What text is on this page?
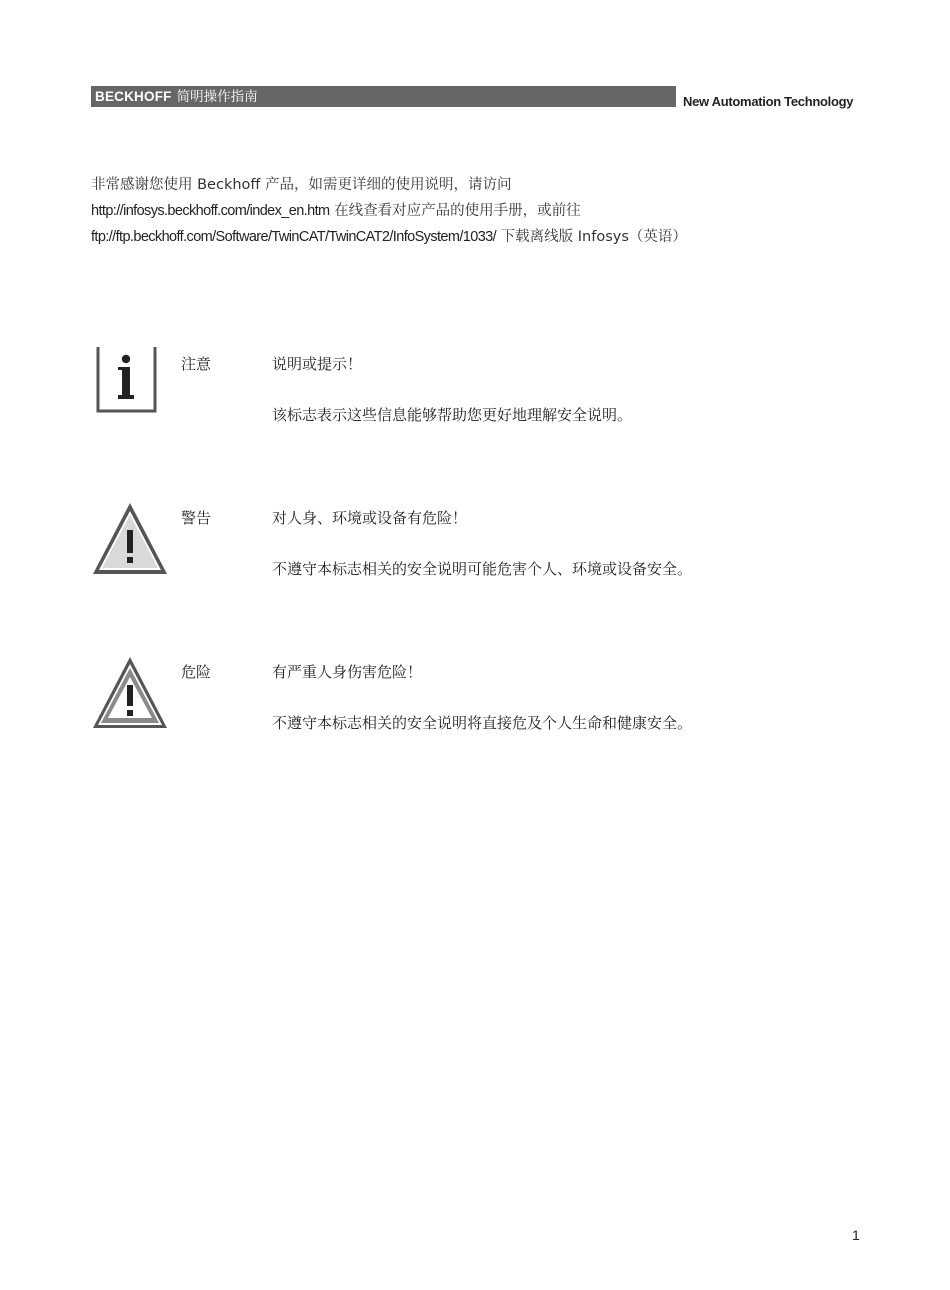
BECKHOFF 简明操作指南	New Automation Technology
非常感谢您使用 Beckhoff 产品，如需更详细的使用说明，请访问
http://infosys.beckhoff.com/index_en.htm 在线查看对应产品的使用手册，或前往
ftp://ftp.beckhoff.com/Software/TwinCAT/TwinCAT2/InfoSystem/1033/ 下载离线版 Infosys（英语）
注意	说明或提示！
该标志表示这些信息能够帮助您更好地理解安全说明。
警告	对人身、环境或设备有危险！
不遵守本标志相关的安全说明可能危害个人、环境或设备安全。
危险	有严重人身伤害危险！
不遵守本标志相关的安全说明将直接危及个人生命和健康安全。
1
